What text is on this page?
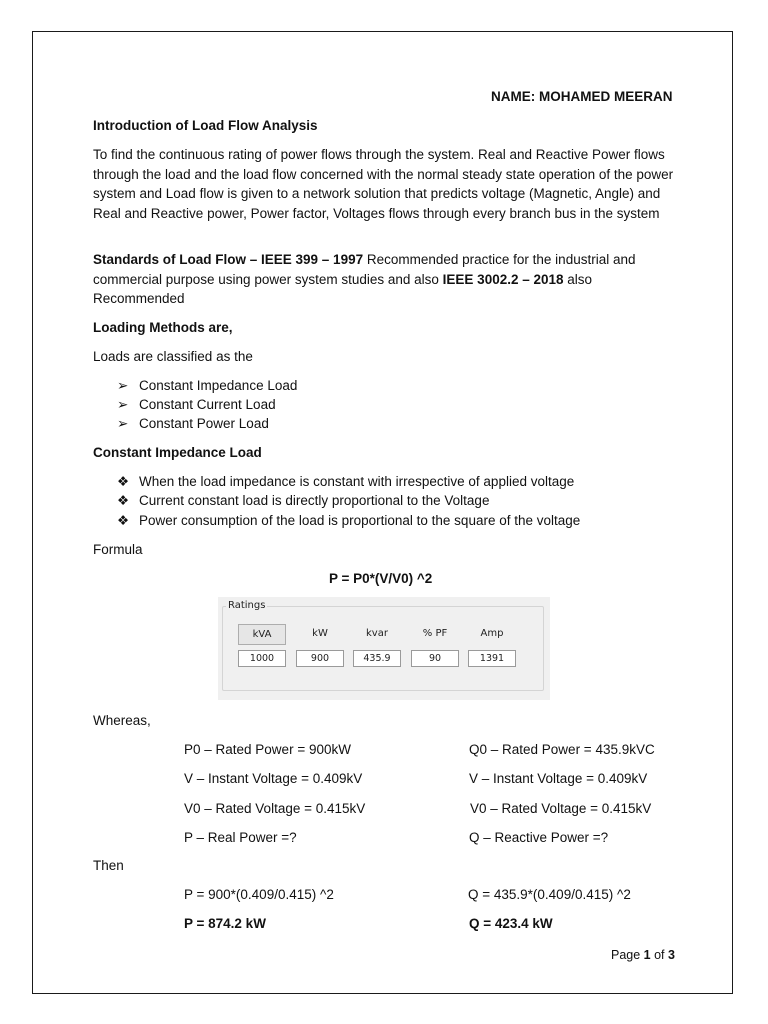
NAME: MOHAMED MEERAN
Introduction of Load Flow Analysis
To find the continuous rating of power flows through the system. Real and Reactive Power flows through the load and the load flow concerned with the normal steady state operation of the power system and Load flow is given to a network solution that predicts voltage (Magnetic, Angle) and Real and Reactive power, Power factor, Voltages flows through every branch bus in the system
Standards of Load Flow – IEEE 399 – 1997 Recommended practice for the industrial and commercial purpose using power system studies and also IEEE 3002.2 – 2018 also Recommended
Loading Methods are,
Loads are classified as the
➢ Constant Impedance Load
➢ Constant Current Load
➢ Constant Power Load
Constant Impedance Load
❖ When the load impedance is constant with irrespective of applied voltage
❖ Current constant load is directly proportional to the Voltage
❖ Power consumption of the load is proportional to the square of the voltage
Formula
P = P0*(V/V0) ^2
Ratings
kVA	kW	kvar	% PF	Amp
1000	900	435.9	90	1391
Whereas,
P0 – Rated Power = 900kW	Q0 – Rated Power = 435.9kVC
V – Instant Voltage = 0.409kV	V – Instant Voltage = 0.409kV
V0 – Rated Voltage = 0.415kV	V0 – Rated Voltage = 0.415kV
P – Real Power =?	Q – Reactive Power =?
Then
P = 900*(0.409/0.415) ^2	Q = 435.9*(0.409/0.415) ^2
P = 874.2 kW	Q = 423.4 kW
Page 1 of 3
